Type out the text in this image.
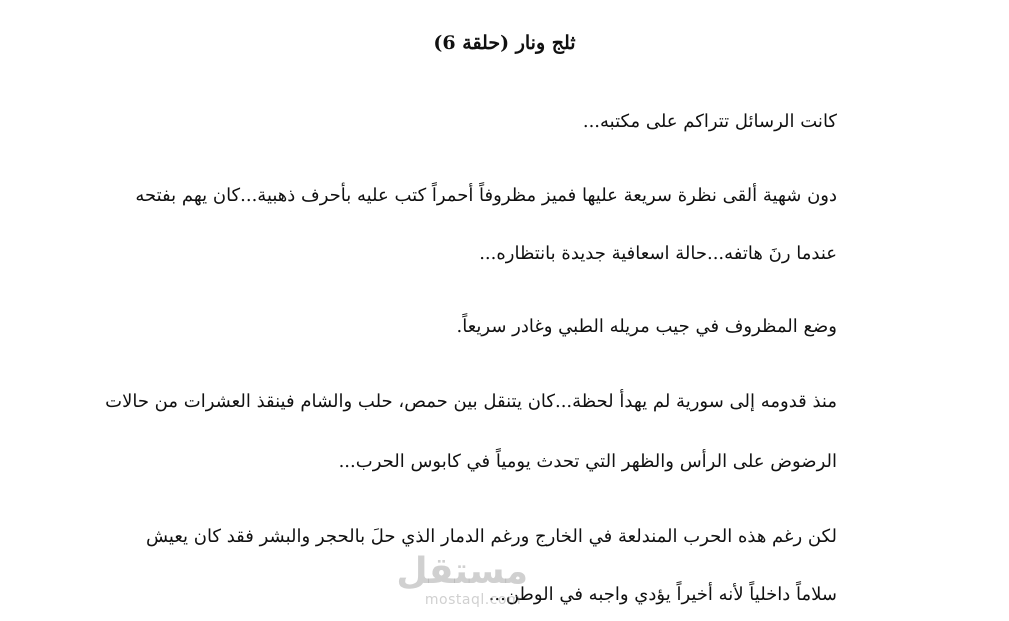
ثلج ونار (حلقة 6)
كانت الرسائل تتراكم على مكتبه...
دون شهية ألقى نظرة سريعة عليها فميز مظروفاً أحمراً كتب عليه بأحرف ذهبية...كان يهم بفتحه
عندما رنَ هاتفه...حالة اسعافية جديدة بانتظاره...
وضع المظروف في جيب مريله الطبي وغادر سريعاً.
منذ قدومه إلى سورية لم يهدأ لحظة...كان يتنقل بين حمص، حلب والشام فينقذ العشرات من حالات
الرضوض على الرأس والظهر التي تحدث يومياً في كابوس الحرب...
لكن رغم هذه الحرب المندلعة في الخارج ورغم الدمار الذي حلَ بالحجر والبشر فقد كان يعيش
سلاماً داخلياً لأنه أخيراً يؤدي واجبه في الوطن...
مستقل
mostaql.com
